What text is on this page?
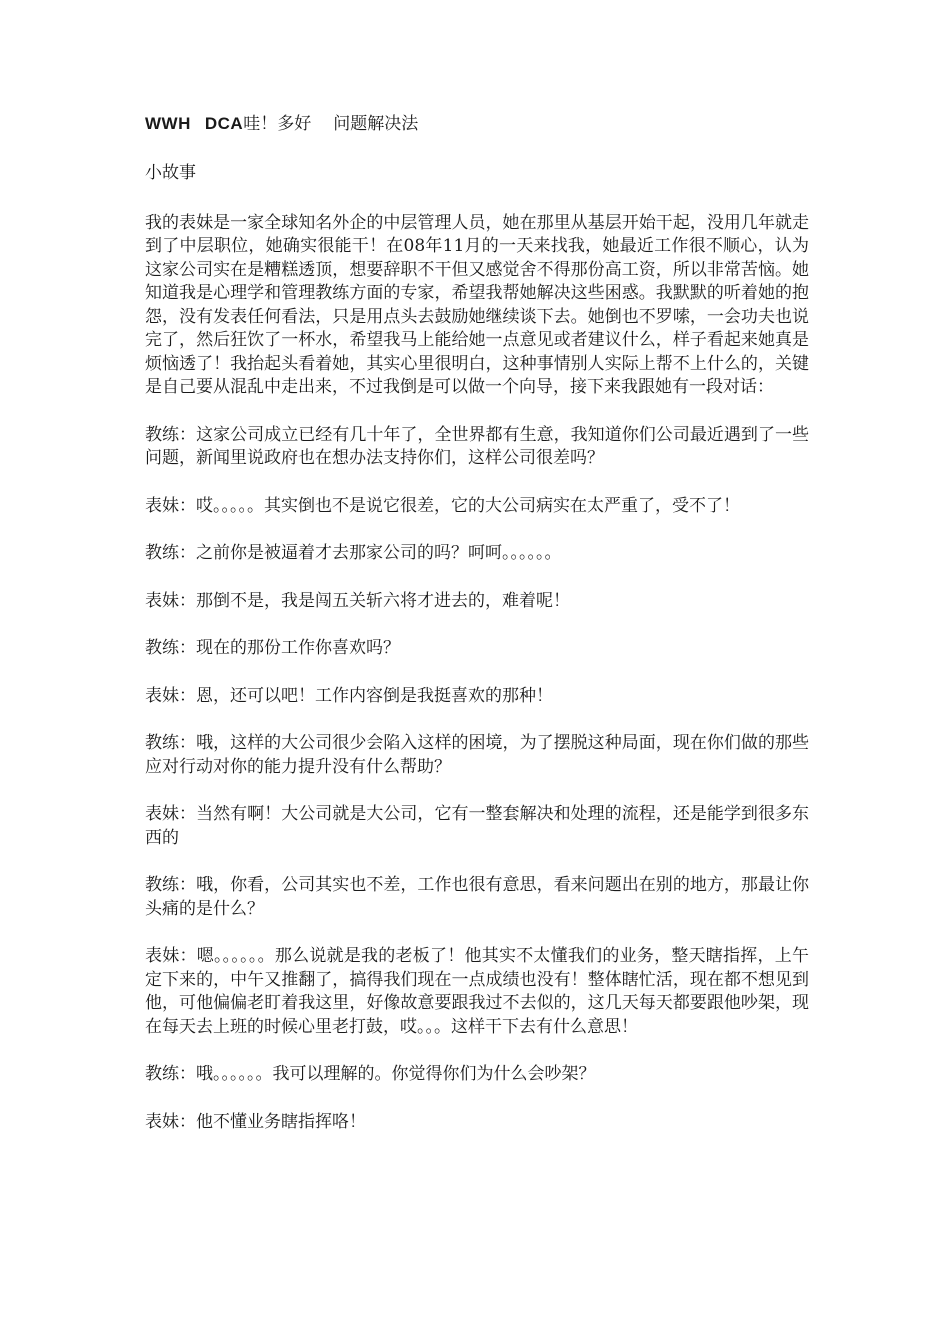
WWH DCA哇！多好 问题解决法

小故事

我的表妹是一家全球知名外企的中层管理人员，她在那里从基层开始干起，没用几年就走到了中层职位，她确实很能干！在08年11月的一天来找我，她最近工作很不顺心，认为这家公司实在是糟糕透顶，想要辞职不干但又感觉舍不得那份高工资，所以非常苦恼。她知道我是心理学和管理教练方面的专家，希望我帮她解决这些困惑。我默默的听着她的抱怨，没有发表任何看法，只是用点头去鼓励她继续谈下去。她倒也不罗嗦，一会功夫也说完了，然后狂饮了一杯水，希望我马上能给她一点意见或者建议什么，样子看起来她真是烦恼透了！我抬起头看着她，其实心里很明白，这种事情别人实际上帮不上什么的，关键是自己要从混乱中走出来，不过我倒是可以做一个向导，接下来我跟她有一段对话：

教练：这家公司成立已经有几十年了，全世界都有生意，我知道你们公司最近遇到了一些问题，新闻里说政府也在想办法支持你们，这样公司很差吗？

表妹：哎。。。。。其实倒也不是说它很差，它的大公司病实在太严重了，受不了！

教练：之前你是被逼着才去那家公司的吗？呵呵。。。。。。

表妹：那倒不是，我是闯五关斩六将才进去的，难着呢！

教练：现在的那份工作你喜欢吗？

表妹：恩，还可以吧！工作内容倒是我挺喜欢的那种！

教练：哦，这样的大公司很少会陷入这样的困境，为了摆脱这种局面，现在你们做的那些应对行动对你的能力提升没有什么帮助？

表妹：当然有啊！大公司就是大公司，它有一整套解决和处理的流程，还是能学到很多东西的

教练：哦，你看，公司其实也不差，工作也很有意思，看来问题出在别的地方，那最让你头痛的是什么？

表妹：嗯。。。。。。那么说就是我的老板了！他其实不太懂我们的业务，整天瞎指挥，上午定下来的，中午又推翻了，搞得我们现在一点成绩也没有！整体瞎忙活，现在都不想见到他，可他偏偏老盯着我这里，好像故意要跟我过不去似的，这几天每天都要跟他吵架，现在每天去上班的时候心里老打鼓，哎。。。这样干下去有什么意思！

教练：哦。。。。。。我可以理解的。你觉得你们为什么会吵架？

表妹：他不懂业务瞎指挥咯！
